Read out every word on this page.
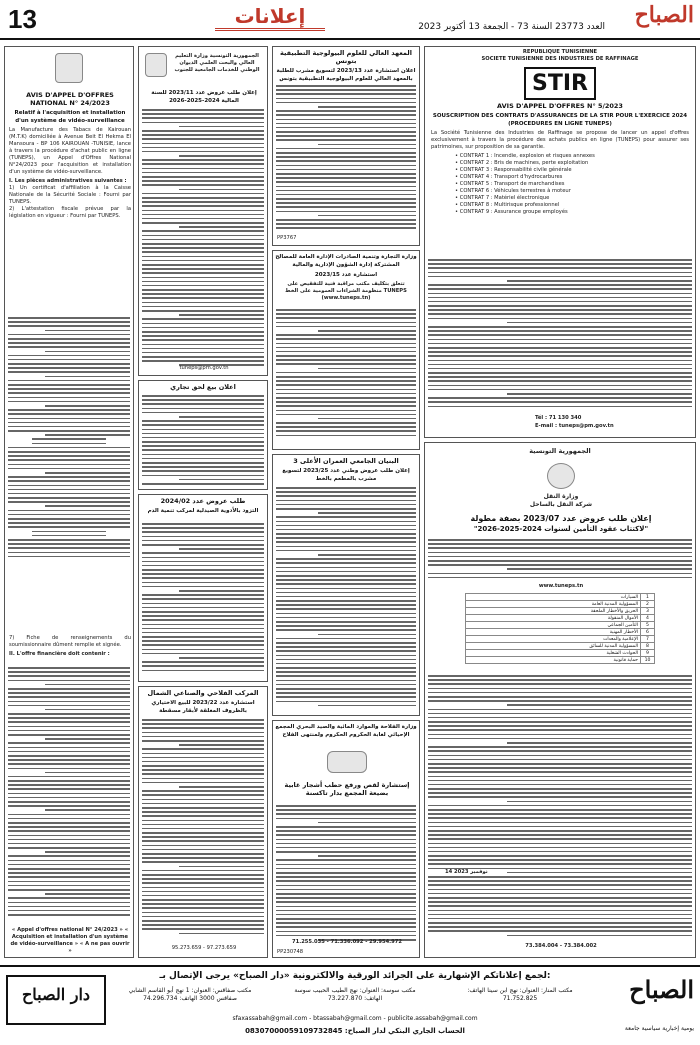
13	إعلانات	الصباح
العدد 23773 السنة 73 - الجمعة 13 أكتوبر 2023
AVIS D'APPEL D'OFFRES NATIONAL N° 24/2023
Relatif à l'acquisition et installation d'un système de vidéo-surveillance
La Manufacture des Tabacs de Kairouan (M.T.K) domiciliée à Avenue Beit El Hekma El Mansoura - BP 106 KAIROUAN -TUNISIE, lance à travers la procédure d'achat public en ligne (TUNEPS), un Appel d'Offres National N°24/2023 pour l'acquisition et installation d'un système de vidéo-surveillance.
I. Les pièces administratives suivantes :
1) Un certificat d'affiliation à la Caisse Nationale de la Sécurité Sociale : Fourni par TUNEPS.
2) L'attestation fiscale prévue par la législation en vigueur : Fourni par TUNEPS.
7) Fiche de renseignements du soumissionnaire dûment remplie et signée.
II. L'offre financière doit contenir :
« Appel d'offres national N° 24/2023 » « Acquisition et installation d'un système de vidéo-surveillance » « A ne pas ouvrir »
الجمهورية التونسية وزارة التعليم العالي والبحث العلمي الديوان الوطني للخدمات الجامعية للجنوب
إعلان طلب عروض عدد 2023/11 للسنة المالية 2024-2025-2026
tuneps@pm.gov.tn
اعلان بيع لحق تجاري
طلب عروض عدد 2024/02
التزود بالأدوية الصيدلية لمركب تنمية الدم
المركب الفلاحي والصناعي الشمال
استشارة عدد 2023/22 للبيع الاختياري بالظروف المغلقة لأبقار مسقطة
95.273.659 - 97.273.659
المعهد العالي للعلوم البيولوجية التطبيقية بتونس
اعلان استشارة عدد 2023/13 لتسويغ مشرب للطلبة بالمعهد العالي للعلوم البيولوجية التطبيقية بتونس
PP3767
وزارة التجارة وتنمية الصادرات الإدارة العامة للمصالح المشتركة إدارة الشؤون الإدارية والمالية
استشارة عدد 2023/15
تتعلق بتكليف مكتب مراقبة فنية للتفقيص على منظومة الشراءات العمومية على الخط TUNEPS (www.tuneps.tn)
البنيان الجامعي العمران الأعلى 3
إعلان طلب عروض وطني عدد 2023/25 لتسويغ مشرب بالمطعم بالخط
وزارة الفلاحة والموارد المائية والصيد البحري المجمع الإحيائي لغابة الحكروم الحكروم ولمنتهى الفلاح
إستشارة لقص ورفع حطب أشجار غابية بضيعة المجمع بدار تاكسنة
71.255.035 - 71.336.092 - 29.954.972
PP230748
REPUBLIQUE TUNISIENNE
SOCIETE TUNISIENNE DES INDUSTRIES DE RAFFINAGE
STIR
AVIS D'APPEL D'OFFRES N° 5/2023
SOUSCRIPTION DES CONTRATS D'ASSURANCES DE LA STIR POUR L'EXERCICE 2024 (PROCEDURES EN LIGNE TUNEPS)
La Société Tunisienne des Industries de Raffinage se propose de lancer un appel d'offres exclusivement à travers la procédure des achats publics en ligne (TUNEPS) pour assurer ses patrimoines, sur proposition de sa garantie.
• CONTRAT 1 : Incendie, explosion et risques annexes
• CONTRAT 2 : Bris de machines, perte exploitation
• CONTRAT 3 : Responsabilité civile générale
• CONTRAT 4 : Transport d'hydrocarbures
• CONTRAT 5 : Transport de marchandises
• CONTRAT 6 : Véhicules terrestres à moteur
• CONTRAT 7 : Matériel électronique
• CONTRAT 8 : Multirisque professionnel
• CONTRAT 9 : Assurance groupe employés
Tél : 71 130 340
E-mail : tuneps@pm.gov.tn
الجمهورية التونسية
وزارة النقل
شركة النقل بالساحل
إعلان طلب عروض عدد 2023/07 بصفة مطولة
"لاكتتاب عقود التأمين لسنوات 2024-2025-2026"
www.tuneps.tn
السيارات	1
المسؤولية المدنية العامة	2
الحريق والأخطار الملحقة	3
الأموال المنقولة	4
التأمين الجماعي	5
الأخطار المهنية	6
الإعلامية والمعدات	7
المسؤولية المدنية للسائق	8
الحوادث الشغلية	9
حماية قانونية	10
14 نوفمبر 2023
73.384.004 - 73.384.002
دار الصباح
لجمع إعلاناتكم الإشهارية على الجرائد الورقية والالكترونية «دار الصباح» يرجى الإتصال بـ:
مكتب صفاقس: العنوان: 1 نهج أبو القاسم الشابي صفاقس 3000 الهاتف: 74.296.734
مكتب سوسة: العنوان: نهج الطيب الحبيب سوسة الهاتف: 73.227.870
مكتب المنار: العنوان: نهج ابن سينا الهاتف: 71.752.825
sfaxassabah@gmail.com - btassabah@gmail.com - publicite.assabah@gmail.com
الحساب الجاري البنكي لدار الصباح: 08307000059109732845
الصباح
يومية إخبارية سياسية جامعة
